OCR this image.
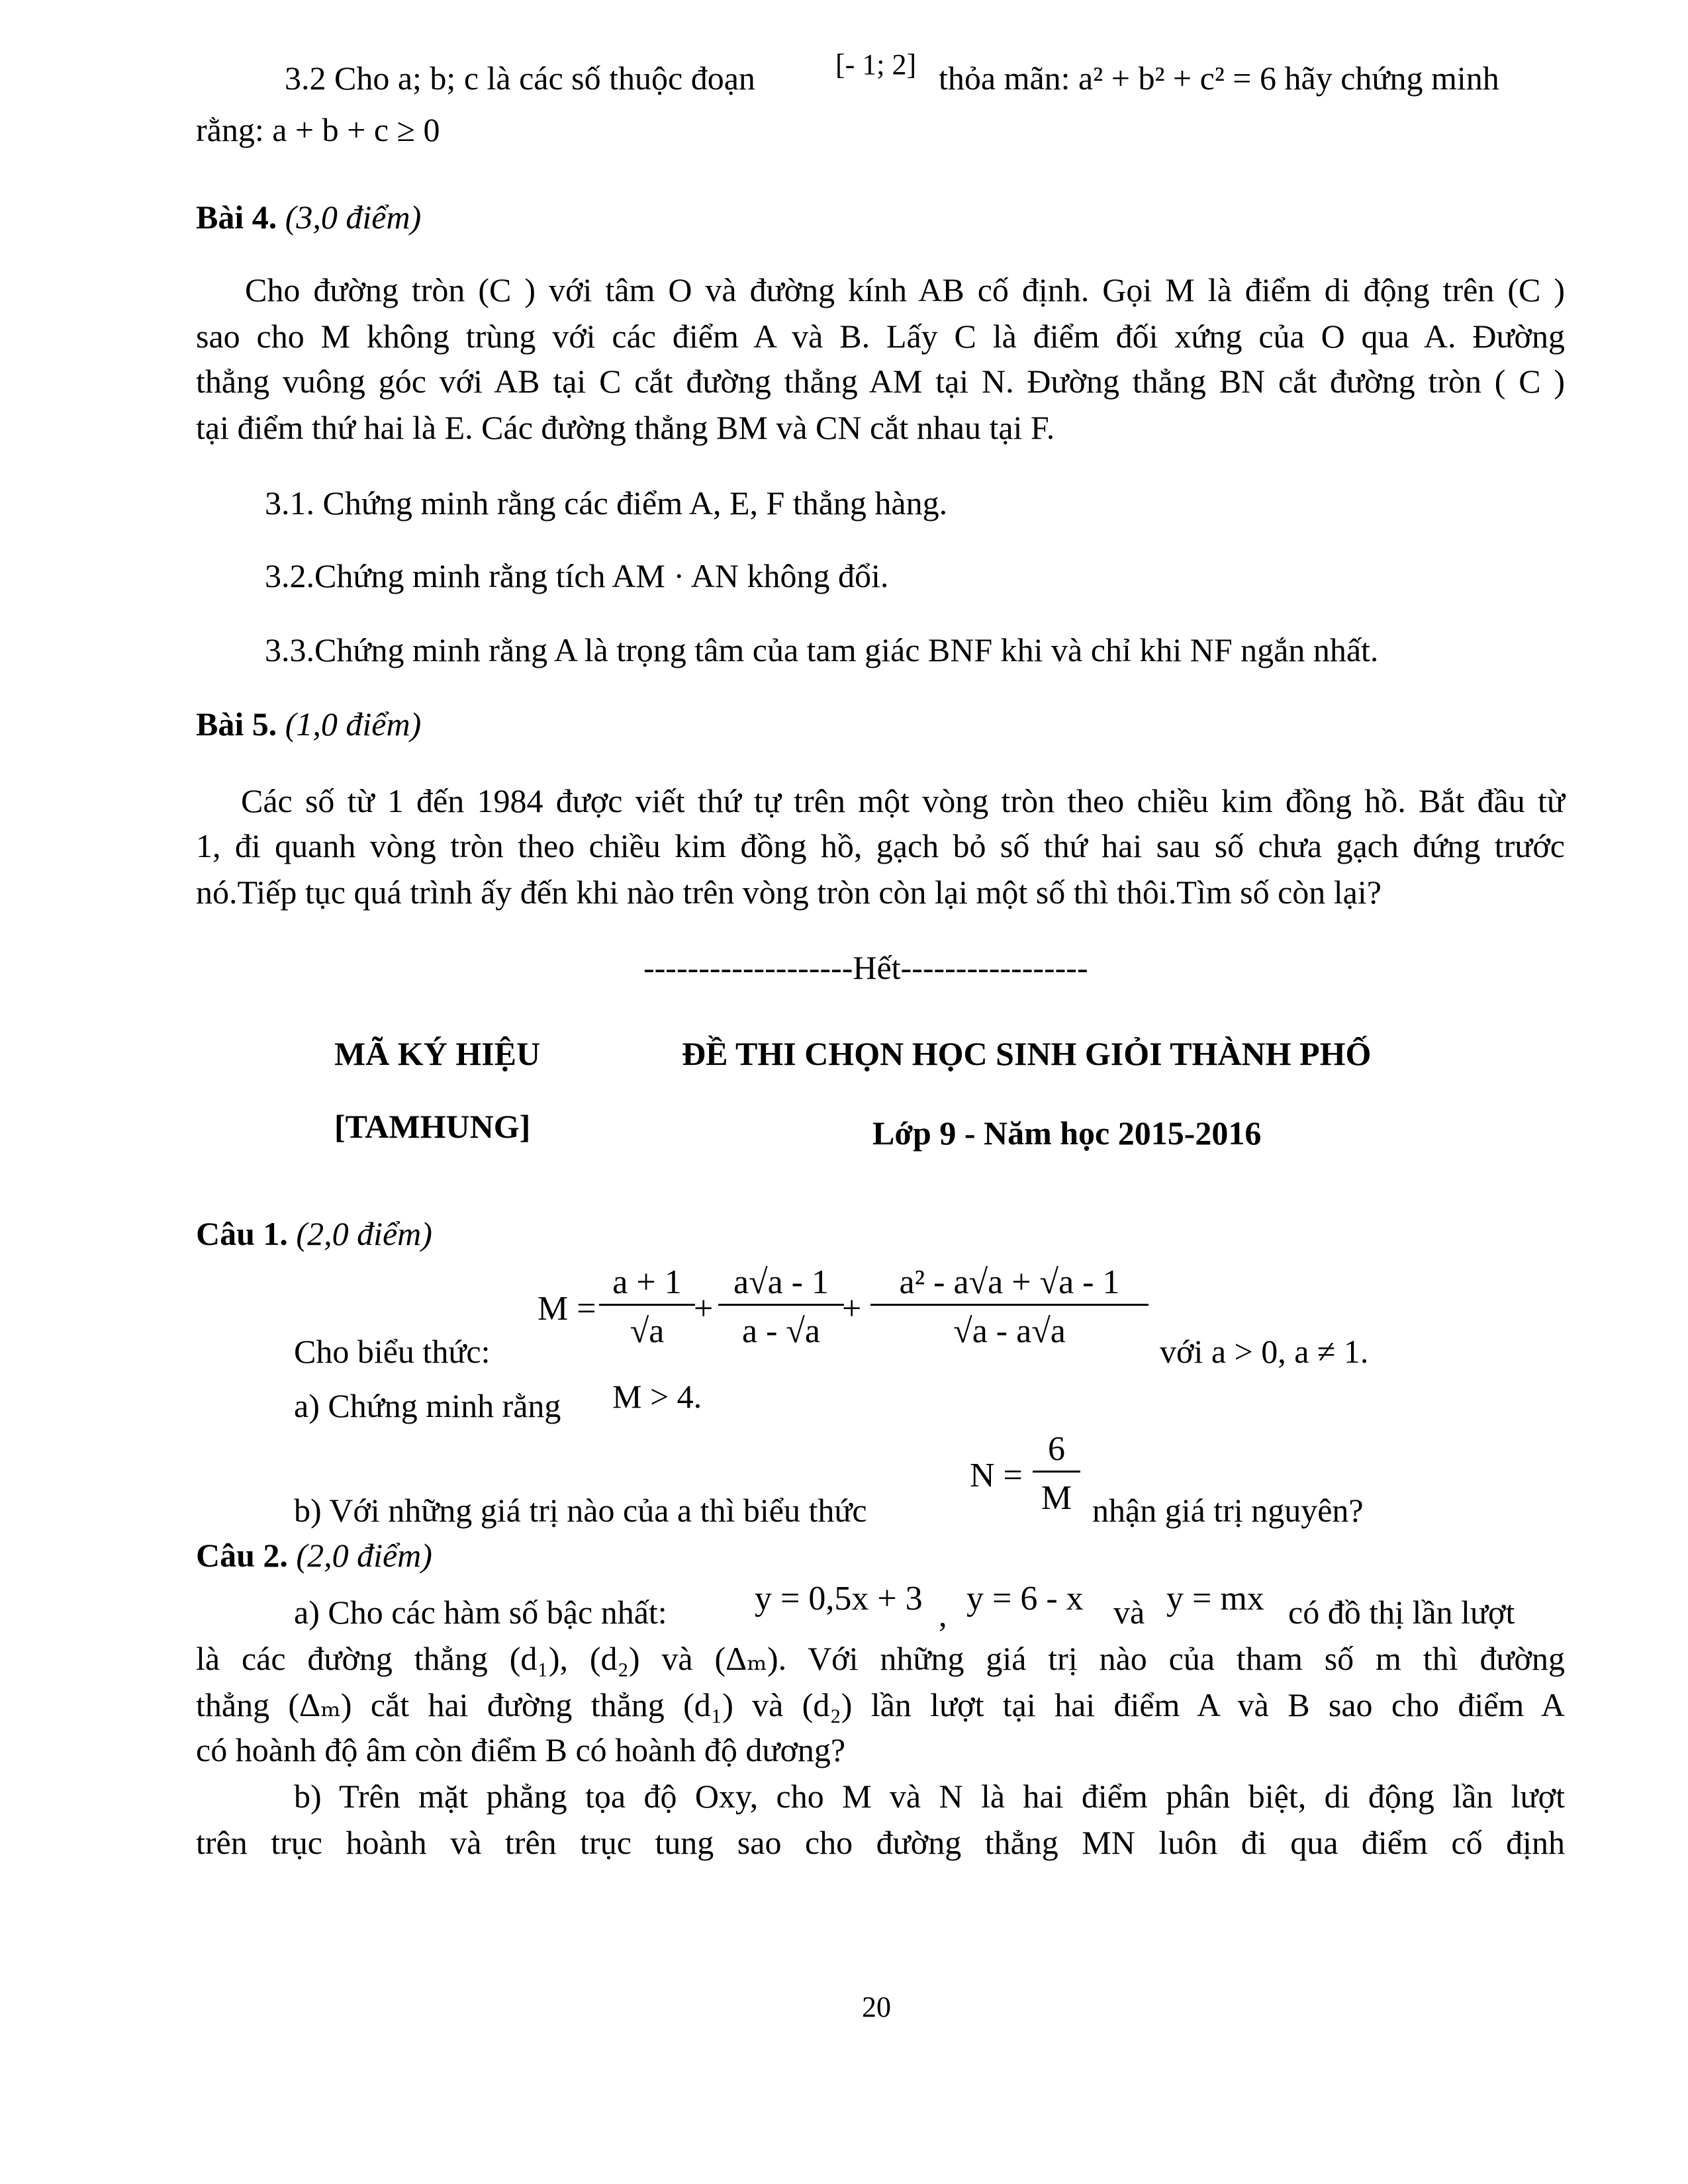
3.2 Cho a; b; c là các số thuộc đoạn	[- 1; 2] thỏa mãn: a² + b² + c² = 6 hãy chứng minh
rằng: a + b + c ≥ 0
Bài 4. (3,0 điểm)
Cho đường tròn (C ) với tâm O và đường kính AB cố định. Gọi M là điểm di động trên (C )
sao cho M không trùng với các điểm A và B. Lấy C là điểm đối xứng của O qua A. Đường
thẳng vuông góc với AB tại C cắt đường thẳng AM tại N. Đường thẳng BN cắt đường tròn ( C )
tại điểm thứ hai là E. Các đường thẳng BM và CN cắt nhau tại F.
3.1. Chứng minh rằng các điểm A, E, F thẳng hàng.
3.2.Chứng minh rằng tích AM · AN không đổi.
3.3.Chứng minh rằng A là trọng tâm của tam giác BNF khi và chỉ khi NF ngắn nhất.
Bài 5. (1,0 điểm)
Các số từ 1 đến 1984 được viết thứ tự trên một vòng tròn theo chiều kim đồng hồ. Bắt đầu từ
1, đi quanh vòng tròn theo chiều kim đồng hồ, gạch bỏ số thứ hai sau số chưa gạch đứng trước
nó.Tiếp tục quá trình ấy đến khi nào trên vòng tròn còn lại một số thì thôi.Tìm số còn lại?
-------------------Hết-----------------
MÃ KÝ HIỆU	ĐỀ THI CHỌN HỌC SINH GIỎI THÀNH PHỐ
[TAMHUNG]	Lớp 9 - Năm học 2015-2016
Câu 1. (2,0 điểm)
M =
a + 1
√a
+
a√a - 1
a - √a
+
a² - a√a + √a - 1
√a - a√a
Cho biểu thức:	với a > 0, a ≠ 1.
a) Chứng minh rằng M > 4.
N =
6
M
b) Với những giá trị nào của a thì biểu thức	nhận giá trị nguyên?
Câu 2. (2,0 điểm)
a) Cho các hàm số bậc nhất:	y = 0,5x + 3 , y = 6 - x và y = mx có đồ thị lần lượt
là các đường thẳng (d₁), (d₂) và (Δₘ). Với những giá trị nào của tham số m thì đường
thẳng (Δₘ) cắt hai đường thẳng (d₁) và (d₂) lần lượt tại hai điểm A và B sao cho điểm A
có hoành độ âm còn điểm B có hoành độ dương?
b) Trên mặt phẳng tọa độ Oxy, cho M và N là hai điểm phân biệt, di động lần lượt
trên trục hoành và trên trục tung sao cho đường thẳng MN luôn đi qua điểm cố định
20
